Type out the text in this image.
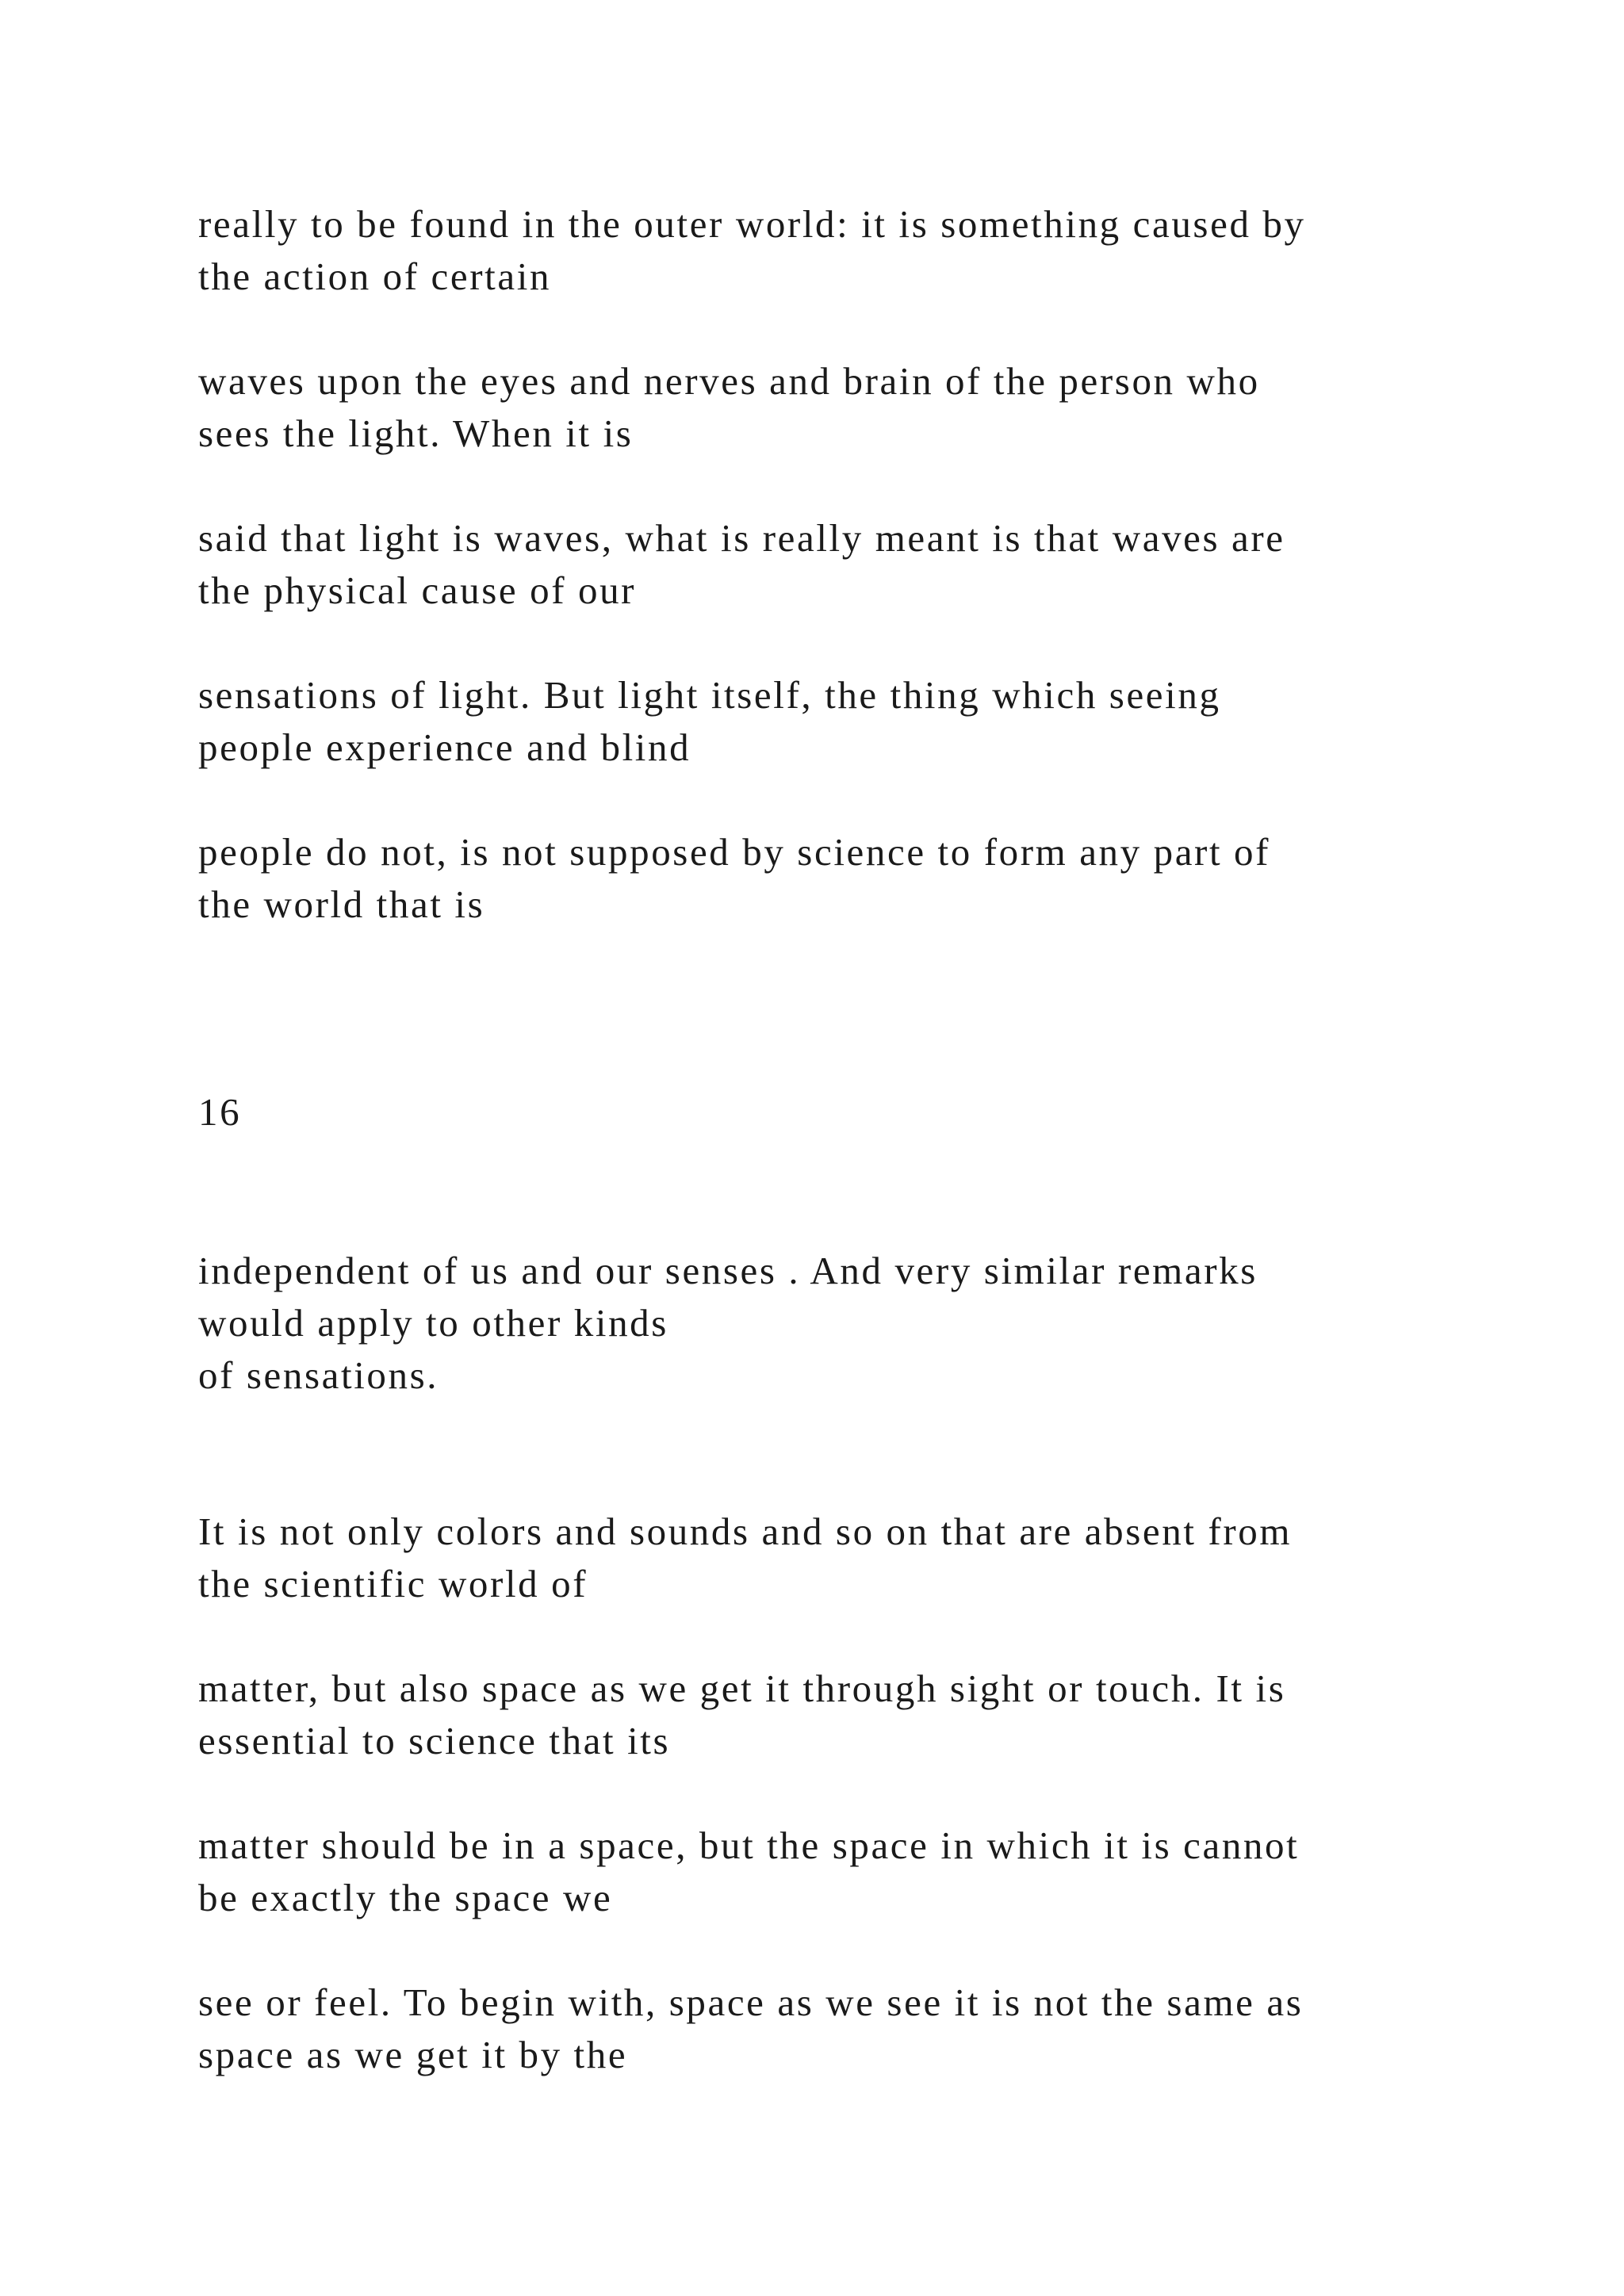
really to be found in the outer world: it is something caused by

the action of certain

waves upon the eyes and nerves and brain of the person who

sees the light. When it is

said that light is waves, what is really meant is that waves are

the physical cause of our

sensations of light. But light itself, the thing which seeing

people experience and blind

people do not, is not supposed by science to form any part of

the world that is

16

independent of us and our senses . And very similar remarks

would apply to other kinds

of sensations.

It is not only colors and sounds and so on that are absent from

the scientific world of

matter, but also space as we get it through sight or touch. It is

essential to science that its

matter should be in a space, but the space in which it is cannot

be exactly the space we

see or feel. To begin with, space as we see it is not the same as

space as we get it by the
